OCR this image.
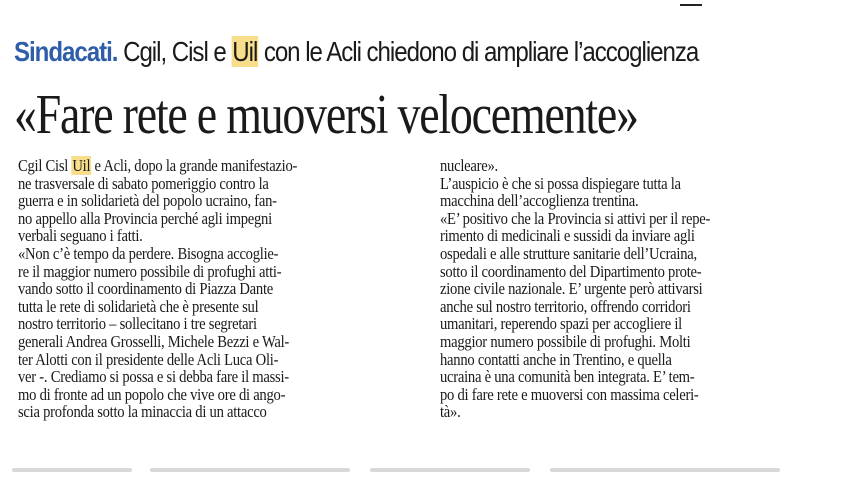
Sindacati. Cgil, Cisl e Uil con le Acli chiedono di ampliare l’accoglienza
«Fare rete e muoversi velocemente»
Cgil Cisl Uil e Acli, dopo la grande manifestazio-
ne trasversale di sabato pomeriggio contro la
guerra e in solidarietà del popolo ucraino, fan-
no appello alla Provincia perché agli impegni
verbali seguano i fatti.
«Non c’è tempo da perdere. Bisogna accoglie-
re il maggior numero possibile di profughi atti-
vando sotto il coordinamento di Piazza Dante
tutta le rete di solidarietà che è presente sul
nostro territorio – sollecitano i tre segretari
generali Andrea Grosselli, Michele Bezzi e Wal-
ter Alotti con il presidente delle Acli Luca Oli-
ver -. Crediamo si possa e si debba fare il massi-
mo di fronte ad un popolo che vive ore di ango-
scia profonda sotto la minaccia di un attacco
nucleare».
L’auspicio è che si possa dispiegare tutta la
macchina dell’accoglienza trentina.
«E’ positivo che la Provincia si attivi per il repe-
rimento di medicinali e sussidi da inviare agli
ospedali e alle strutture sanitarie dell’Ucraina,
sotto il coordinamento del Dipartimento prote-
zione civile nazionale. E’ urgente però attivarsi
anche sul nostro territorio, offrendo corridori
umanitari, reperendo spazi per accogliere il
maggior numero possibile di profughi. Molti
hanno contatti anche in Trentino, e quella
ucraina è una comunità ben integrata. E’ tem-
po di fare rete e muoversi con massima celeri-
tà».
